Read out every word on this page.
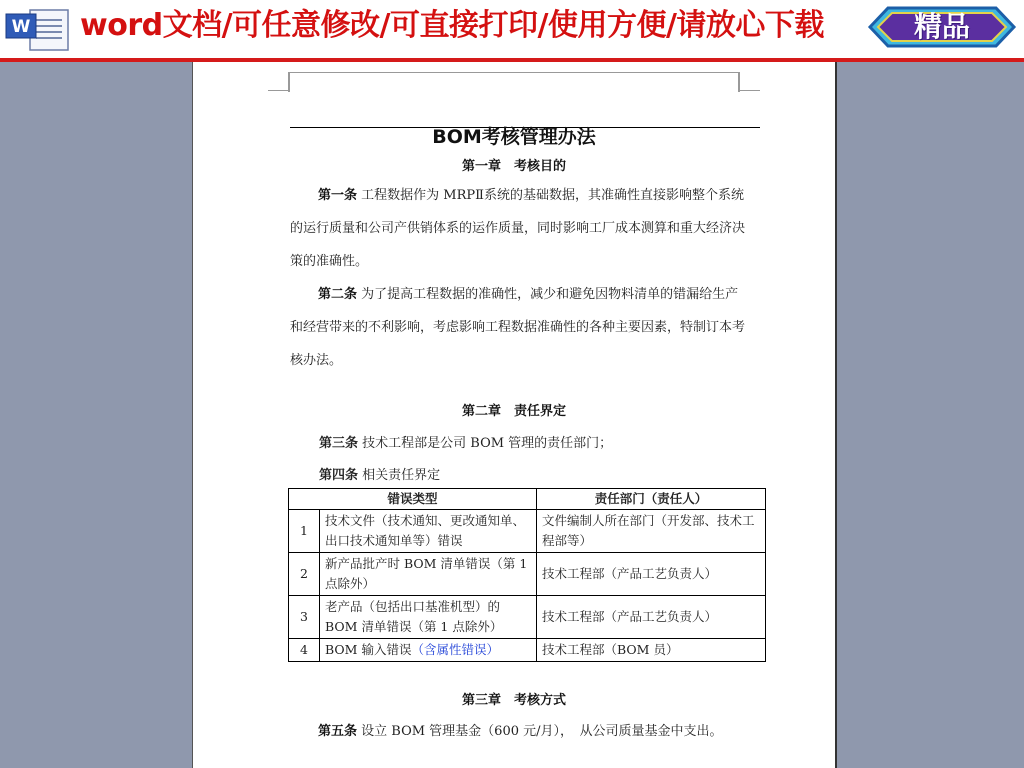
W word文档/可任意修改/可直接打印/使用方便/请放心下载	精品
BOM考核管理办法
第一章　考核目的
第一条 工程数据作为 MRPⅡ系统的基础数据，其准确性直接影响整个系统的运行质量和公司产供销体系的运作质量，同时影响工厂成本测算和重大经济决策的准确性。
第二条 为了提高工程数据的准确性，减少和避免因物料清单的错漏给生产和经营带来的不利影响，考虑影响工程数据准确性的各种主要因素，特制订本考核办法。
第二章　责任界定
第三条 技术工程部是公司 BOM 管理的责任部门；
第四条 相关责任界定
错误类型		责任部门（责任人）
1	技术文件（技术通知、更改通知单、出口技术通知单等）错误	文件编制人所在部门（开发部、技术工程部等）
2	新产品批产时 BOM 清单错误（第 1 点除外）	技术工程部（产品工艺负责人）
3	老产品（包括出口基准机型）的 BOM 清单错误（第 1 点除外）	技术工程部（产品工艺负责人）
4	BOM 输入错误（含属性错误）	技术工程部（BOM 员）
第三章　考核方式
第五条 设立 BOM 管理基金（600 元/月），　从公司质量基金中支出。
